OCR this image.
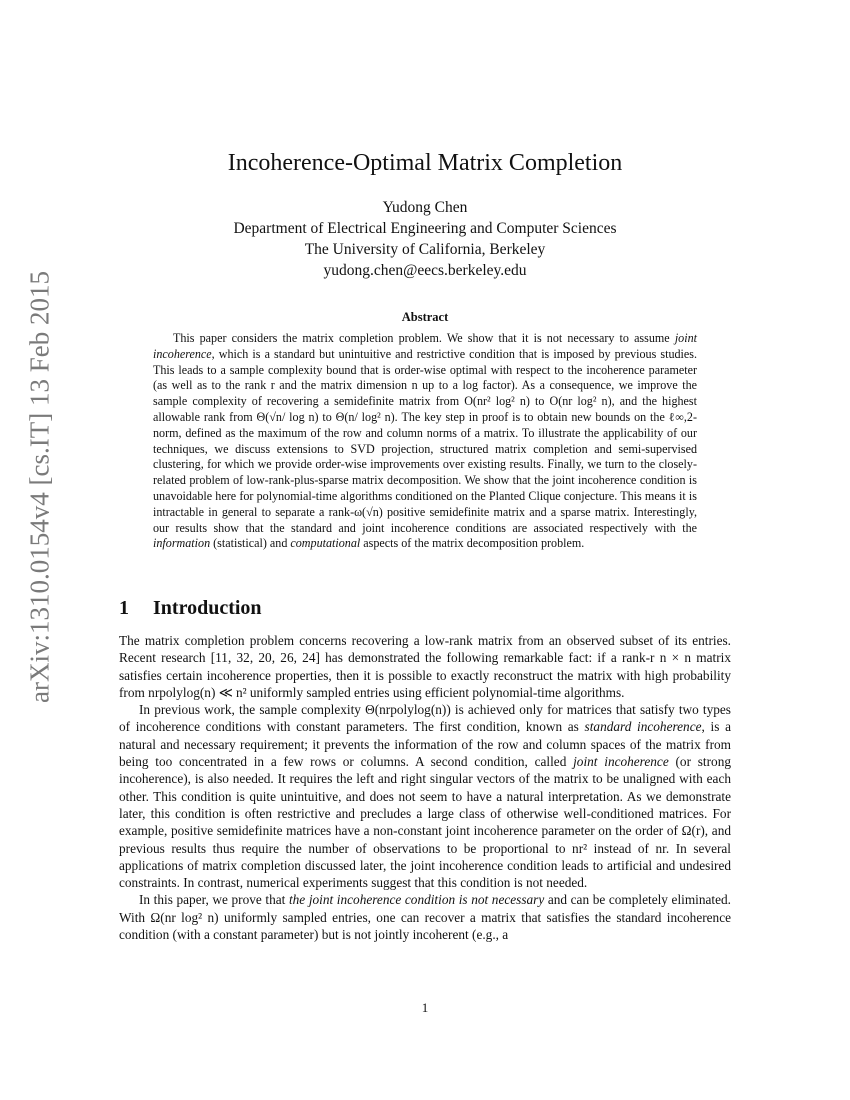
arXiv:1310.0154v4 [cs.IT] 13 Feb 2015
Incoherence-Optimal Matrix Completion
Yudong Chen
Department of Electrical Engineering and Computer Sciences
The University of California, Berkeley
yudong.chen@eecs.berkeley.edu
Abstract

This paper considers the matrix completion problem. We show that it is not necessary to assume joint incoherence, which is a standard but unintuitive and restrictive condition that is imposed by previous studies. This leads to a sample complexity bound that is order-wise optimal with respect to the incoherence parameter (as well as to the rank r and the matrix dimension n up to a log factor). As a consequence, we improve the sample complexity of recovering a semidefinite matrix from O(nr² log² n) to O(nr log² n), and the highest allowable rank from Θ(√n/ log n) to Θ(n/ log² n). The key step in proof is to obtain new bounds on the ℓ∞,2-norm, defined as the maximum of the row and column norms of a matrix. To illustrate the applicability of our techniques, we discuss extensions to SVD projection, structured matrix completion and semi-supervised clustering, for which we provide order-wise improvements over existing results. Finally, we turn to the closely-related problem of low-rank-plus-sparse matrix decomposition. We show that the joint incoherence condition is unavoidable here for polynomial-time algorithms conditioned on the Planted Clique conjecture. This means it is intractable in general to separate a rank-ω(√n) positive semidefinite matrix and a sparse matrix. Interestingly, our results show that the standard and joint incoherence conditions are associated respectively with the information (statistical) and computational aspects of the matrix decomposition problem.

1 Introduction

The matrix completion problem concerns recovering a low-rank matrix from an observed subset of its entries. Recent research [11, 32, 20, 26, 24] has demonstrated the following remarkable fact: if a rank-r n × n matrix satisfies certain incoherence properties, then it is possible to exactly reconstruct the matrix with high probability from nrpolylog(n) ≪ n² uniformly sampled entries using efficient polynomial-time algorithms.

In previous work, the sample complexity Θ(nrpolylog(n)) is achieved only for matrices that satisfy two types of incoherence conditions with constant parameters. The first condition, known as standard incoherence, is a natural and necessary requirement; it prevents the information of the row and column spaces of the matrix from being too concentrated in a few rows or columns. A second condition, called joint incoherence (or strong incoherence), is also needed. It requires the left and right singular vectors of the matrix to be unaligned with each other. This condition is quite unintuitive, and does not seem to have a natural interpretation. As we demonstrate later, this condition is often restrictive and precludes a large class of otherwise well-conditioned matrices. For example, positive semidefinite matrices have a non-constant joint incoherence parameter on the order of Ω(r), and previous results thus require the number of observations to be proportional to nr² instead of nr. In several applications of matrix completion discussed later, the joint incoherence condition leads to artificial and undesired constraints. In contrast, numerical experiments suggest that this condition is not needed.

In this paper, we prove that the joint incoherence condition is not necessary and can be completely eliminated. With Ω(nr log² n) uniformly sampled entries, one can recover a matrix that satisfies the standard incoherence condition (with a constant parameter) but is not jointly incoherent (e.g., a

1
